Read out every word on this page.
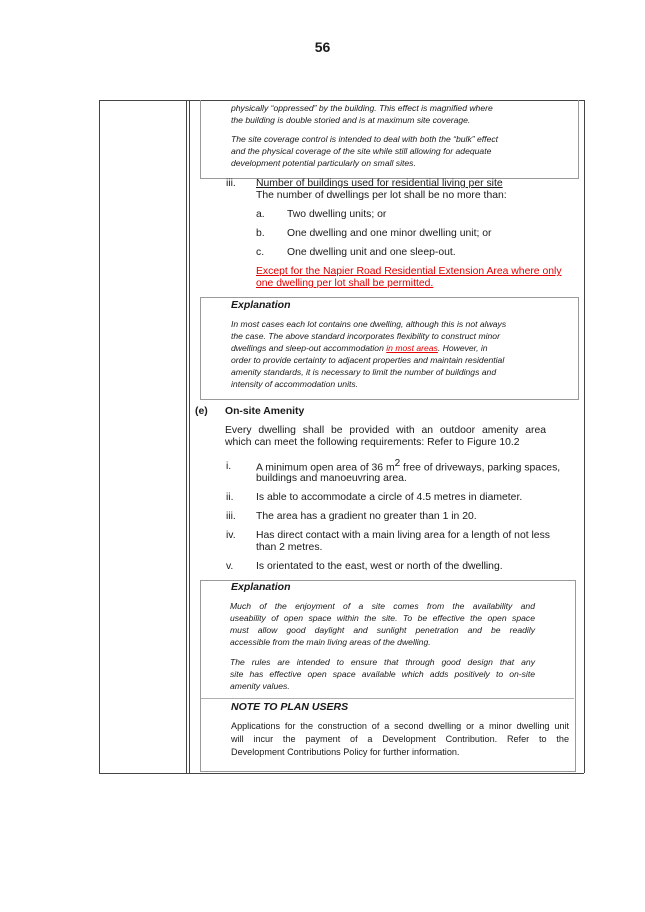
56
physically “oppressed” by the building. This effect is magnified where
the building is double storied and is at maximum site coverage.
The site coverage control is intended to deal with both the “bulk” effect
and the physical coverage of the site while still allowing for adequate
development potential particularly on small sites.
iii. Number of buildings used for residential living per site
The number of dwellings per lot shall be no more than:
a. Two dwelling units; or
b. One dwelling and one minor dwelling unit; or
c. One dwelling unit and one sleep-out.
Except for the Napier Road Residential Extension Area where only
one dwelling per lot shall be permitted.
Explanation
In most cases each lot contains one dwelling, although this is not always
the case. The above standard incorporates flexibility to construct minor
dwellings and sleep-out accommodation in most areas. However, in
order to provide certainty to adjacent properties and maintain residential
amenity standards, it is necessary to limit the number of buildings and
intensity of accommodation units.
(e) On-site Amenity
Every dwelling shall be provided with an outdoor amenity area
which can meet the following requirements: Refer to Figure 10.2
i. A minimum open area of 36 $m^2$ free of driveways, parking spaces,
buildings and manoeuvring area.
ii. Is able to accommodate a circle of 4.5 metres in diameter.
iii. The area has a gradient no greater than 1 in 20.
iv. Has direct contact with a main living area for a length of not less
than 2 metres.
v. Is orientated to the east, west or north of the dwelling.
Explanation
Much of the enjoyment of a site comes from the availability and
useability of open space within the site. To be effective the open space
must allow good daylight and sunlight penetration and be readily
accessible from the main living areas of the dwelling.
The rules are intended to ensure that through good design that any
site has effective open space available which adds positively to on-site
amenity values.
NOTE TO PLAN USERS
Applications for the construction of a second dwelling or a minor dwelling unit
will incur the payment of a Development Contribution. Refer to the
Development Contributions Policy for further information.
